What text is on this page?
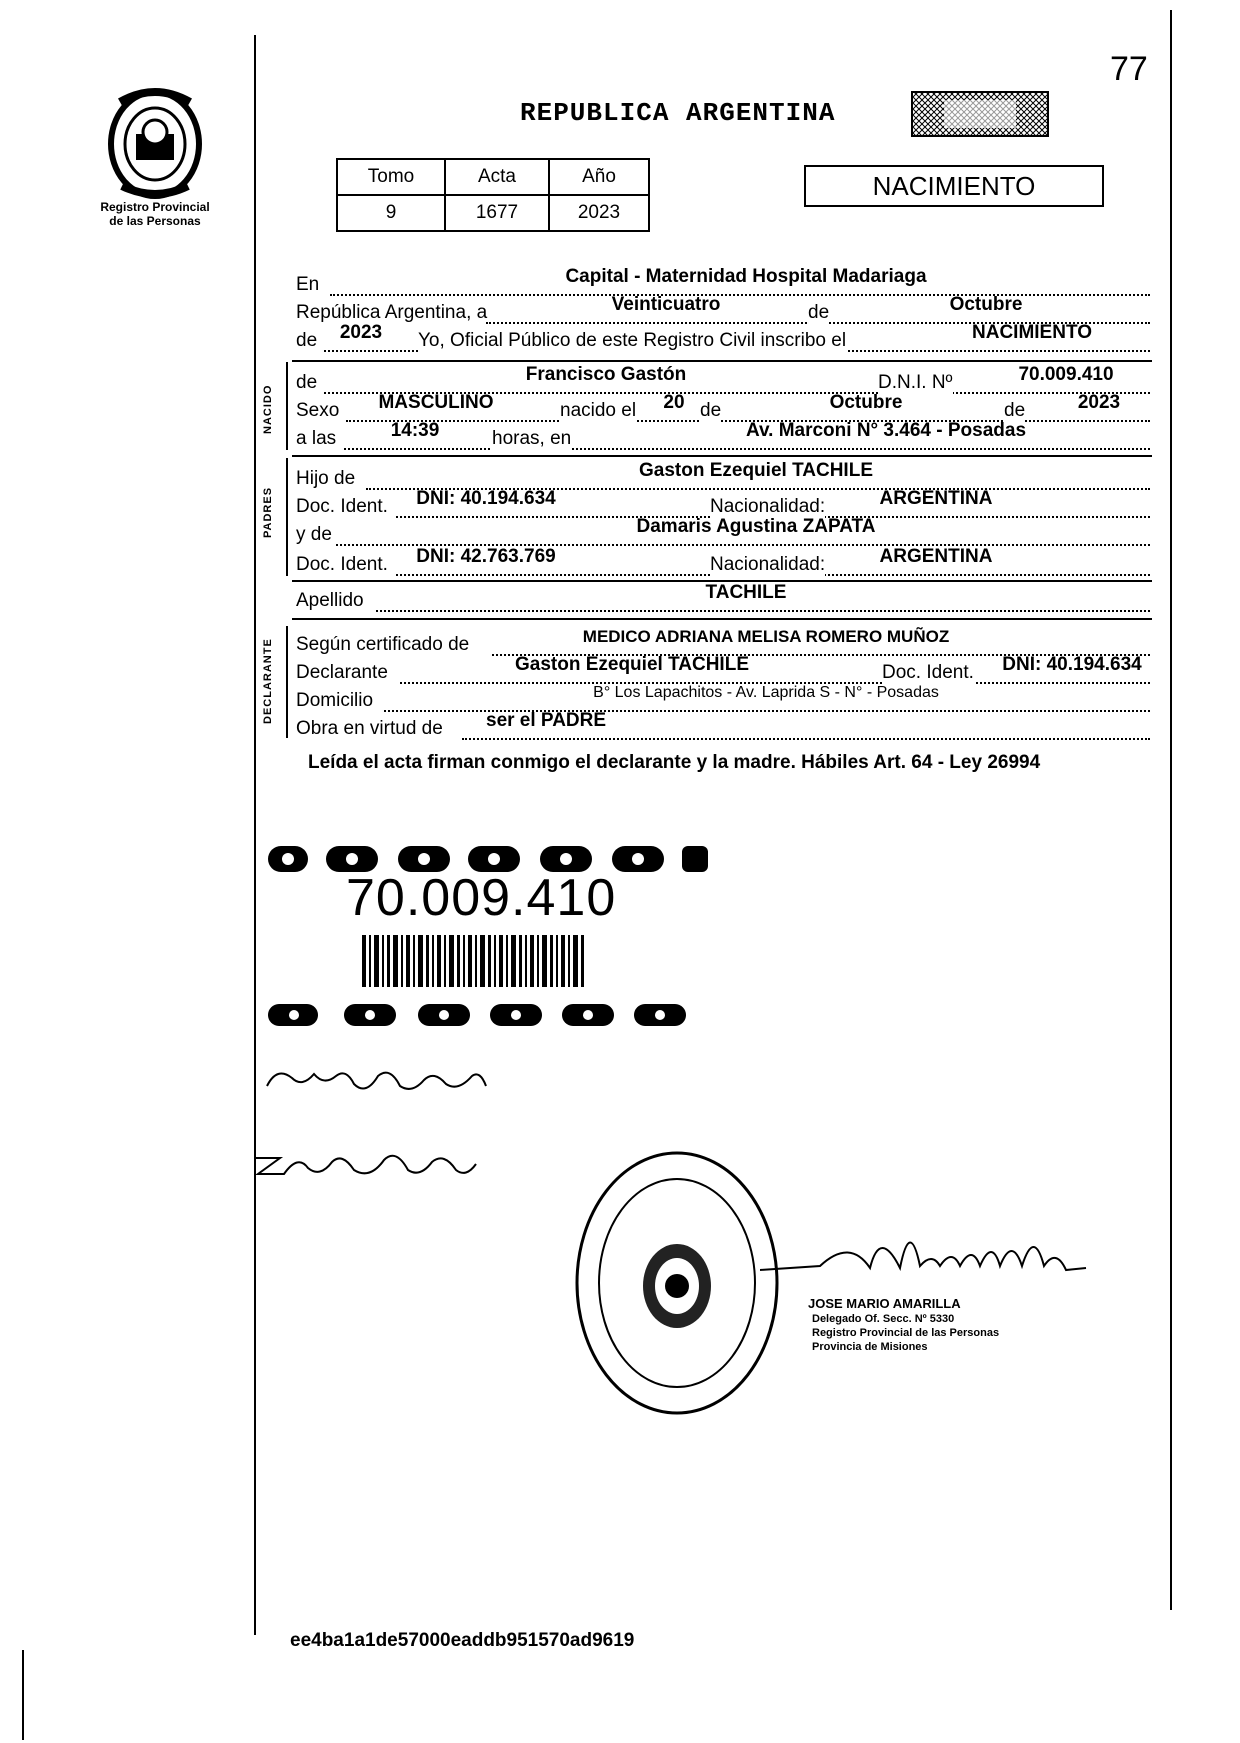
77
Registro Provincial
de las Personas
REPUBLICA ARGENTINA
Tomo	Acta	Año
9	1677	2023
NACIMIENTO
En	Capital - Maternidad Hospital Madariaga
República Argentina, a	Veinticuatro	de	Octubre
de	2023	Yo, Oficial Público de este Registro Civil inscribo el	NACIMIENTO
NACIDO
de	Francisco Gastón	D.N.I. Nº	70.009.410
Sexo	MASCULINO	nacido el	20 de	Octubre	de	2023
a las	14:39	horas, en	Av. Marconi N° 3.464 - Posadas
PADRES
Hijo de	Gaston Ezequiel TACHILE
Doc. Ident.	DNI: 40.194.634	Nacionalidad:	ARGENTINA
y de	Damaris Agustina ZAPATA
Doc. Ident.	DNI: 42.763.769	Nacionalidad:	ARGENTINA
Apellido	TACHILE
DECLARANTE Según certificado de	MEDICO ADRIANA MELISA ROMERO MUÑOZ
Declarante	Gaston Ezequiel TACHILE	Doc. Ident.	DNI: 40.194.634
Domicilio	B° Los Lapachitos - Av. Laprida S - N° - Posadas
Obra en virtud de ser el PADRE
Leída el acta firman conmigo el declarante y la madre. Hábiles Art. 64 - Ley 26994
70.009.410
JOSE MARIO AMARILLA
Delegado Of. Secc. Nº 5330
Registro Provincial de las Personas
Provincia de Misiones
ee4ba1a1de57000eaddb951570ad9619
